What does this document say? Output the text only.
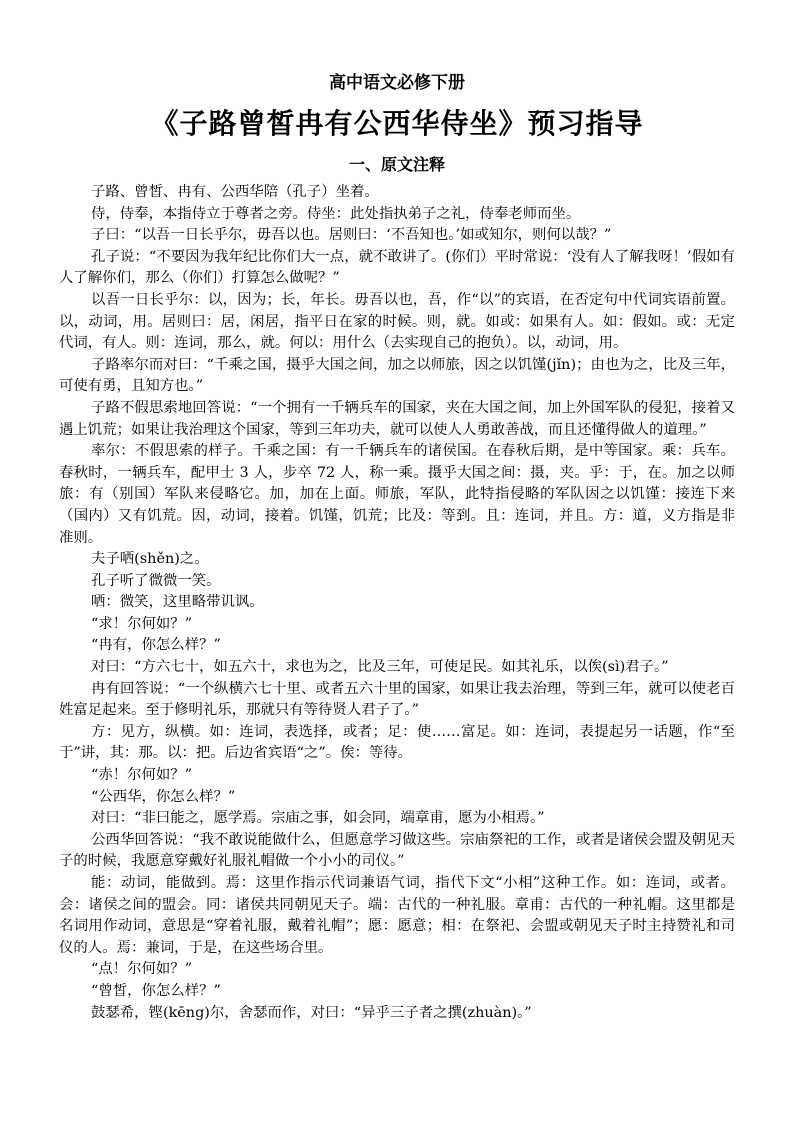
高中语文必修下册
《子路曾皙冉有公西华侍坐》预习指导
一、原文注释

子路、曾皙、冉有、公西华陪（孔子）坐着。

侍，侍奉，本指侍立于尊者之旁。侍坐：此处指执弟子之礼，侍奉老师而坐。

子曰：“以吾一日长乎尔，毋吾以也。居则曰：‘不吾知也。’如或知尔，则何以哉？”

孔子说：“不要因为我年纪比你们大一点，就不敢讲了。(你们）平时常说：‘没有人了解我呀！’假如有人了解你们，那么（你们）打算怎么做呢？”

以吾一日长乎尔：以，因为；长，年长。毋吾以也，吾，作“以”的宾语，在否定句中代词宾语前置。以，动词，用。居则曰：居，闲居，指平日在家的时候。则，就。如或：如果有人。如：假如。或：无定代词，有人。则：连词，那么，就。何以：用什么（去实现自己的抱负）。以，动词，用。

子路率尔而对曰：“千乘之国，摄乎大国之间，加之以师旅，因之以饥馑(jǐn)；由也为之，比及三年，可使有勇，且知方也。”

子路不假思索地回答说：“一个拥有一千辆兵车的国家，夹在大国之间，加上外国军队的侵犯，接着又遇上饥荒；如果让我治理这个国家，等到三年功夫，就可以使人人勇敢善战，而且还懂得做人的道理。”

率尔：不假思索的样子。千乘之国：有一千辆兵车的诸侯国。在春秋后期，是中等国家。乘：兵车。春秋时，一辆兵车，配甲士 3 人，步卒 72 人，称一乘。摄乎大国之间：摄，夹。乎：于，在。加之以师旅：有（别国）军队来侵略它。加，加在上面。师旅，军队，此特指侵略的军队因之以饥馑：接连下来（国内）又有饥荒。因，动词，接着。饥馑，饥荒；比及：等到。且：连词，并且。方：道，义方指是非准则。

夫子哂(shěn)之。

孔子听了微微一笑。

哂：微笑，这里略带讥讽。

“求！尔何如？”

“冉有，你怎么样？”

对曰：“方六七十，如五六十，求也为之，比及三年，可使足民。如其礼乐，以俟(sì)君子。”

冉有回答说：“一个纵横六七十里、或者五六十里的国家，如果让我去治理，等到三年，就可以使老百姓富足起来。至于修明礼乐，那就只有等待贤人君子了。”

方：见方，纵横。如：连词，表选择，或者；足：使……富足。如：连词，表提起另一话题，作“至于”讲，其：那。以：把。后边省宾语“之”。俟：等待。

“赤！尔何如？”

“公西华，你怎么样？”

对曰：“非曰能之，愿学焉。宗庙之事，如会同，端章甫，愿为小相焉。”

公西华回答说：“我不敢说能做什么，但愿意学习做这些。宗庙祭祀的工作，或者是诸侯会盟及朝见天子的时候，我愿意穿戴好礼服礼帽做一个小小的司仪。”

能：动词，能做到。焉：这里作指示代词兼语气词，指代下文“小相”这种工作。如：连词，或者。会：诸侯之间的盟会。同：诸侯共同朝见天子。端：古代的一种礼服。章甫：古代的一种礼帽。这里都是名词用作动词，意思是“穿着礼服，戴着礼帽”；愿：愿意；相：在祭祀、会盟或朝见天子时主持赞礼和司仪的人。焉：兼词，于是，在这些场合里。

“点！尔何如？”

“曾皙，你怎么样？”

鼓瑟希，铿(kēng)尔，舍瑟而作，对曰：“异乎三子者之撰(zhuàn)。”
